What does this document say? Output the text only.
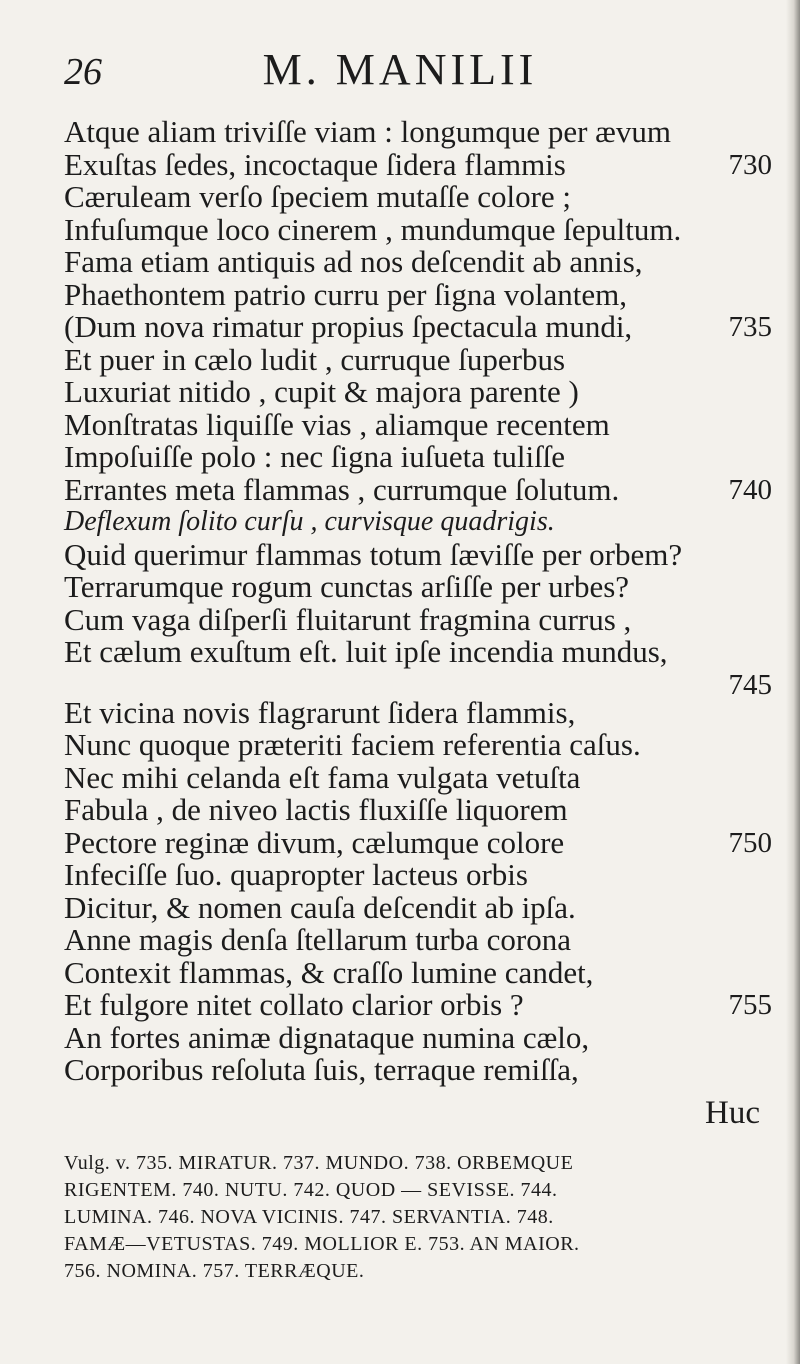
26	M. MANILII
Atque aliam triviſſe viam : longumque per ævum
Exuſtas ſedes, incoctaque ſidera flammis	730
Cæruleam verſo ſpeciem mutaſſe colore ;
Infuſumque loco cinerem , mundumque ſepultum.
Fama etiam antiquis ad nos deſcendit ab annis,
Phaethontem patrio curru per ſigna volantem,
(Dum nova rimatur propius ſpectacula mundi,	735
Et puer in cælo ludit , curruque ſuperbus
Luxuriat nitido , cupit & majora parente )
Monſtratas liquiſſe vias , aliamque recentem
Impoſuiſſe polo : nec ſigna iuſueta tuliſſe
Errantes meta flammas , currumque ſolutum.	740
Deflexum ſolito curſu , curvisque quadrigis.
Quid querimur flammas totum ſæviſſe per orbem?
Terrarumque rogum cunctas arſiſſe per urbes?
Cum vaga diſperſi fluitarunt fragmina currus ,
Et cælum exuſtum eſt. luit ipſe incendia mundus,
745
Et vicina novis flagrarunt ſidera flammis,
Nunc quoque præteriti faciem referentia caſus.
Nec mihi celanda eſt fama vulgata vetuſta
Fabula , de niveo lactis fluxiſſe liquorem
Pectore reginæ divum, cælumque colore	750
Infeciſſe ſuo. quapropter lacteus orbis
Dicitur, & nomen cauſa deſcendit ab ipſa.
Anne magis denſa ſtellarum turba corona
Contexit flammas, & craſſo lumine candet,
Et fulgore nitet collato clarior orbis ?	755
An fortes animæ dignataque numina cælo,
Corporibus reſoluta ſuis, terraque remiſſa,
Huc
Vulg. v. 735. MIRATUR. 737. MUNDO. 738. ORBEMQUE
RIGENTEM. 740. NUTU. 742. QUOD — SEVISSE. 744.
LUMINA. 746. NOVA VICINIS. 747. SERVANTIA. 748.
FAMÆ—VETUSTAS. 749. MOLLIOR E. 753. AN MAIOR.
756. NOMINA. 757. TERRÆQUE.
